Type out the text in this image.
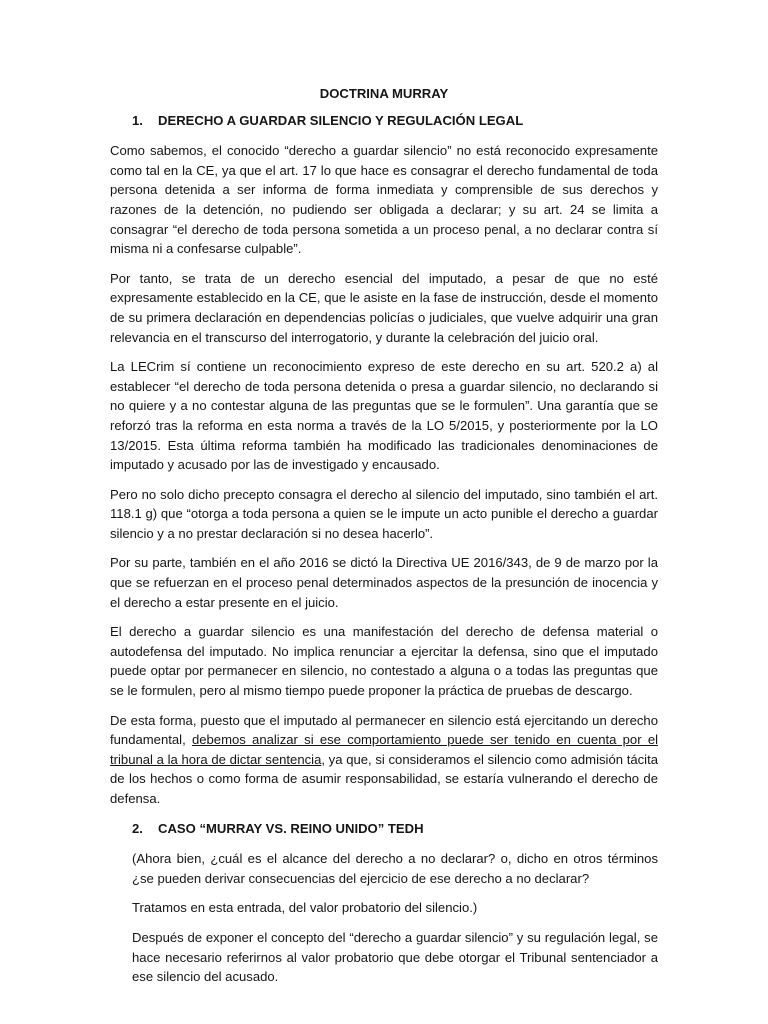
DOCTRINA MURRAY
1. DERECHO A GUARDAR SILENCIO Y REGULACIÓN LEGAL

Como sabemos, el conocido “derecho a guardar silencio” no está reconocido expresamente como tal en la CE, ya que el art. 17 lo que hace es consagrar el derecho fundamental de toda persona detenida a ser informa de forma inmediata y comprensible de sus derechos y razones de la detención, no pudiendo ser obligada a declarar; y su art. 24 se limita a consagrar “el derecho de toda persona sometida a un proceso penal, a no declarar contra sí misma ni a confesarse culpable”.

Por tanto, se trata de un derecho esencial del imputado, a pesar de que no esté expresamente establecido en la CE, que le asiste en la fase de instrucción, desde el momento de su primera declaración en dependencias policías o judiciales, que vuelve adquirir una gran relevancia en el transcurso del interrogatorio, y durante la celebración del juicio oral.

La LECrim sí contiene un reconocimiento expreso de este derecho en su art. 520.2 a) al establecer “el derecho de toda persona detenida o presa a guardar silencio, no declarando si no quiere y a no contestar alguna de las preguntas que se le formulen”. Una garantía que se reforzó tras la reforma en esta norma a través de la LO 5/2015, y posteriormente por la LO 13/2015. Esta última reforma también ha modificado las tradicionales denominaciones de imputado y acusado por las de investigado y encausado.

Pero no solo dicho precepto consagra el derecho al silencio del imputado, sino también el art. 118.1 g) que “otorga a toda persona a quien se le impute un acto punible el derecho a guardar silencio y a no prestar declaración si no desea hacerlo”.

Por su parte, también en el año 2016 se dictó la Directiva UE 2016/343, de 9 de marzo por la que se refuerzan en el proceso penal determinados aspectos de la presunción de inocencia y el derecho a estar presente en el juicio.

El derecho a guardar silencio es una manifestación del derecho de defensa material o autodefensa del imputado. No implica renunciar a ejercitar la defensa, sino que el imputado puede optar por permanecer en silencio, no contestado a alguna o a todas las preguntas que se le formulen, pero al mismo tiempo puede proponer la práctica de pruebas de descargo.

De esta forma, puesto que el imputado al permanecer en silencio está ejercitando un derecho fundamental, debemos analizar si ese comportamiento puede ser tenido en cuenta por el tribunal a la hora de dictar sentencia, ya que, si consideramos el silencio como admisión tácita de los hechos o como forma de asumir responsabilidad, se estaría vulnerando el derecho de defensa.

2. CASO “MURRAY VS. REINO UNIDO” TEDH

(Ahora bien, ¿cuál es el alcance del derecho a no declarar? o, dicho en otros términos ¿se pueden derivar consecuencias del ejercicio de ese derecho a no declarar?

Tratamos en esta entrada, del valor probatorio del silencio.)

Después de exponer el concepto del “derecho a guardar silencio” y su regulación legal, se hace necesario referirnos al valor probatorio que debe otorgar el Tribunal sentenciador a ese silencio del acusado.
